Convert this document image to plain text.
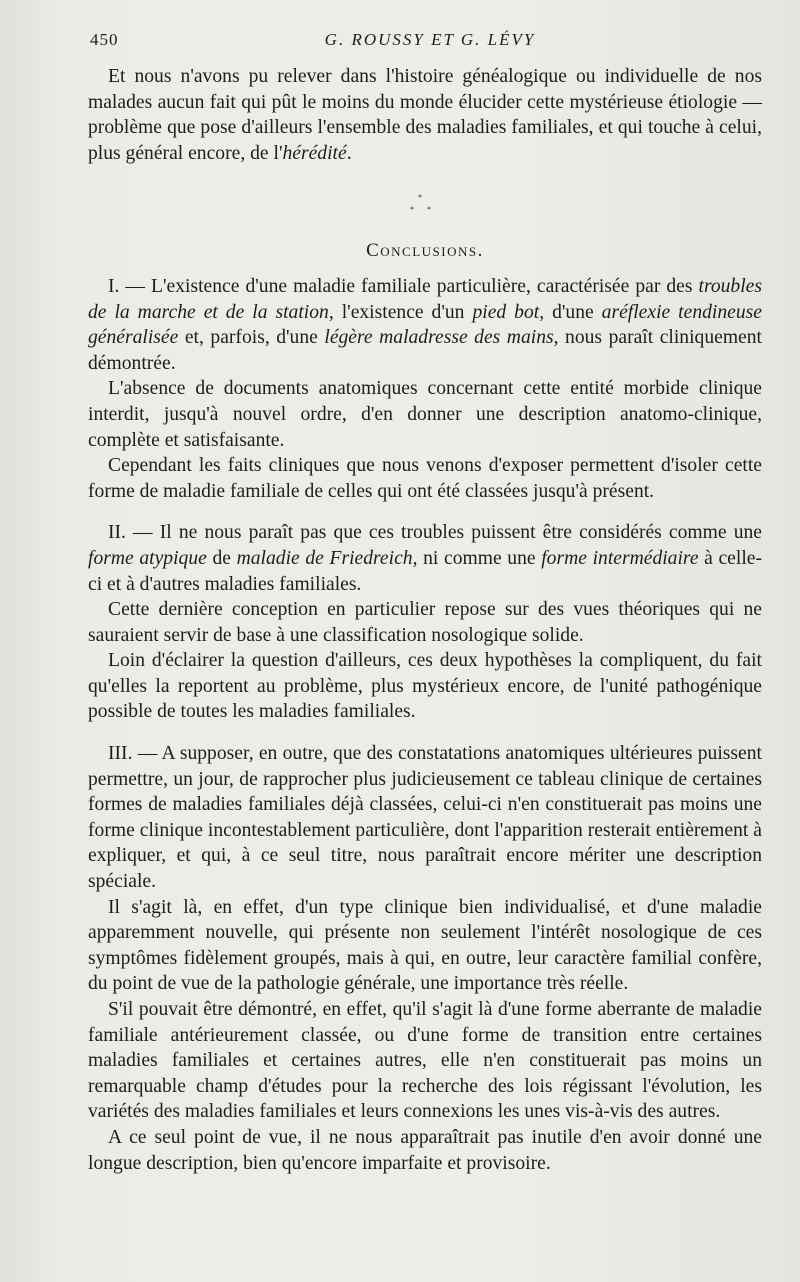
450	G. ROUSSY ET G. LÉVY

Et nous n'avons pu relever dans l'histoire généalogique ou individuelle de nos malades aucun fait qui pût le moins du monde élucider cette mystérieuse étiologie — problème que pose d'ailleurs l'ensemble des maladies familiales, et qui touche à celui, plus général encore, de l'hérédité.

*
* *
Conclusions.

I. — L'existence d'une maladie familiale particulière, caractérisée par des troubles de la marche et de la station, l'existence d'un pied bot, d'une aréflexie tendineuse généralisée et, parfois, d'une légère maladresse des mains, nous paraît cliniquement démontrée.

L'absence de documents anatomiques concernant cette entité morbide clinique interdit, jusqu'à nouvel ordre, d'en donner une description anatomo-clinique, complète et satisfaisante.

Cependant les faits cliniques que nous venons d'exposer permettent d'isoler cette forme de maladie familiale de celles qui ont été classées jusqu'à présent.

II. — Il ne nous paraît pas que ces troubles puissent être considérés comme une forme atypique de maladie de Friedreich, ni comme une forme intermédiaire à celle-ci et à d'autres maladies familiales.

Cette dernière conception en particulier repose sur des vues théoriques qui ne sauraient servir de base à une classification nosologique solide.

Loin d'éclairer la question d'ailleurs, ces deux hypothèses la compliquent, du fait qu'elles la reportent au problème, plus mystérieux encore, de l'unité pathogénique possible de toutes les maladies familiales.

III. — A supposer, en outre, que des constatations anatomiques ultérieures puissent permettre, un jour, de rapprocher plus judicieusement ce tableau clinique de certaines formes de maladies familiales déjà classées, celui-ci n'en constituerait pas moins une forme clinique incontestablement particulière, dont l'apparition resterait entièrement à expliquer, et qui, à ce seul titre, nous paraîtrait encore mériter une description spéciale.

Il s'agit là, en effet, d'un type clinique bien individualisé, et d'une maladie apparemment nouvelle, qui présente non seulement l'intérêt nosologique de ces symptômes fidèlement groupés, mais à qui, en outre, leur caractère familial confère, du point de vue de la pathologie générale, une importance très réelle.

S'il pouvait être démontré, en effet, qu'il s'agit là d'une forme aberrante de maladie familiale antérieurement classée, ou d'une forme de transition entre certaines maladies familiales et certaines autres, elle n'en constituerait pas moins un remarquable champ d'études pour la recherche des lois régissant l'évolution, les variétés des maladies familiales et leurs connexions les unes vis-à-vis des autres.

A ce seul point de vue, il ne nous apparaîtrait pas inutile d'en avoir donné une longue description, bien qu'encore imparfaite et provisoire.
